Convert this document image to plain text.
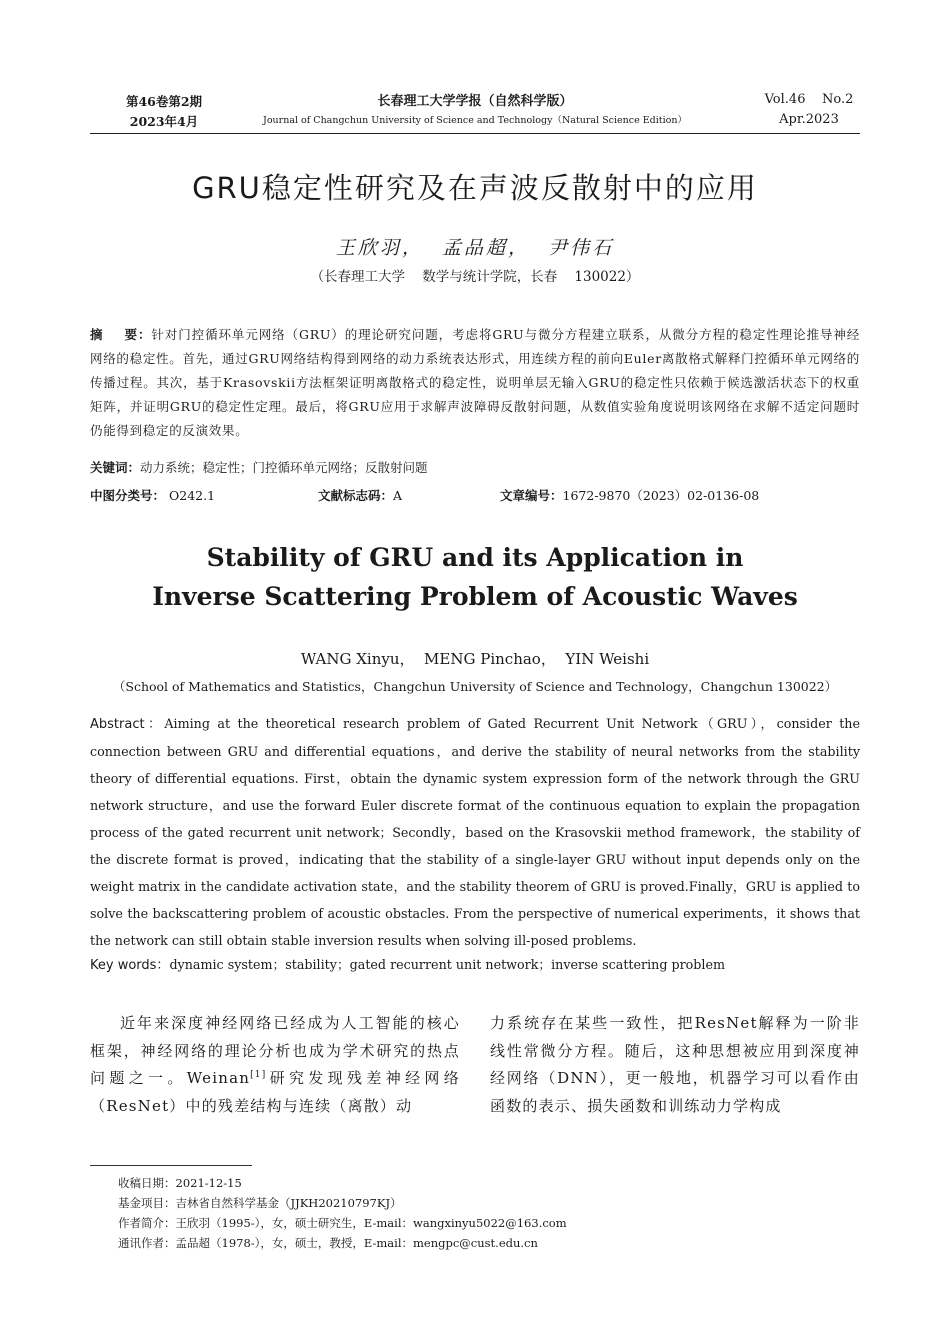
第46卷第2期
2023年4月
长春理工大学学报（自然科学版）
Journal of Changchun University of Science and Technology（Natural Science Edition）
Vol.46    No.2
Apr.2023
GRU稳定性研究及在声波反散射中的应用
王欣羽，  孟品超，  尹伟石
（长春理工大学    数学与统计学院，长春    130022）
摘    要：针对门控循环单元网络（GRU）的理论研究问题，考虑将GRU与微分方程建立联系，从微分方程的稳定性理论推导神经网络的稳定性。首先，通过GRU网络结构得到网络的动力系统表达形式，用连续方程的前向Euler离散格式解释门控循环单元网络的传播过程。其次，基于Krasovskii方法框架证明离散格式的稳定性，说明单层无输入GRU的稳定性只依赖于候选激活状态下的权重矩阵，并证明GRU的稳定性定理。最后，将GRU应用于求解声波障碍反散射问题，从数值实验角度说明该网络在求解不适定问题时仍能得到稳定的反演效果。
关键词：动力系统；稳定性；门控循环单元网络；反散射问题
中图分类号： O242.1	文献标志码：A	文章编号：1672-9870（2023）02-0136-08
Stability of GRU and its Application in
Inverse Scattering Problem of Acoustic Waves
WANG Xinyu，  MENG Pinchao，  YIN Weishi
（School of Mathematics and Statistics，Changchun University of Science and Technology，Changchun 130022）
Abstract：Aiming at the theoretical research problem of Gated Recurrent Unit Network（GRU），consider the connection between GRU and differential equations，and derive the stability of neural networks from the stability theory of differential equations. First，obtain the dynamic system expression form of the network through the GRU network structure，and use the forward Euler discrete format of the continuous equation to explain the propagation process of the gated recurrent unit network；Secondly，based on the Krasovskii method framework，the stability of the discrete format is proved，indicating that the stability of a single-layer GRU without input depends only on the weight matrix in the candidate activation state，and the stability theorem of GRU is proved.Finally，GRU is applied to solve the backscattering problem of acoustic obstacles. From the perspective of numerical experiments，it shows that the network can still obtain stable inversion results when solving ill-posed problems.
Key words：dynamic system；stability；gated recurrent unit network；inverse scattering problem
近年来深度神经网络已经成为人工智能的核心框架，神经网络的理论分析也成为学术研究的热点问题之一。Weinan[1]研究发现残差神经网络（ResNet）中的残差结构与连续（离散）动
力系统存在某些一致性，把ResNet解释为一阶非线性常微分方程。随后，这种思想被应用到深度神经网络（DNN），更一般地，机器学习可以看作由函数的表示、损失函数和训练动力学构成
收稿日期：2021-12-15
基金项目：吉林省自然科学基金（JJKH20210797KJ）
作者简介：王欣羽（1995-），女，硕士研究生，E-mail：wangxinyu5022@163.com
通讯作者：孟品超（1978-），女，硕士，教授，E-mail：mengpc@cust.edu.cn
